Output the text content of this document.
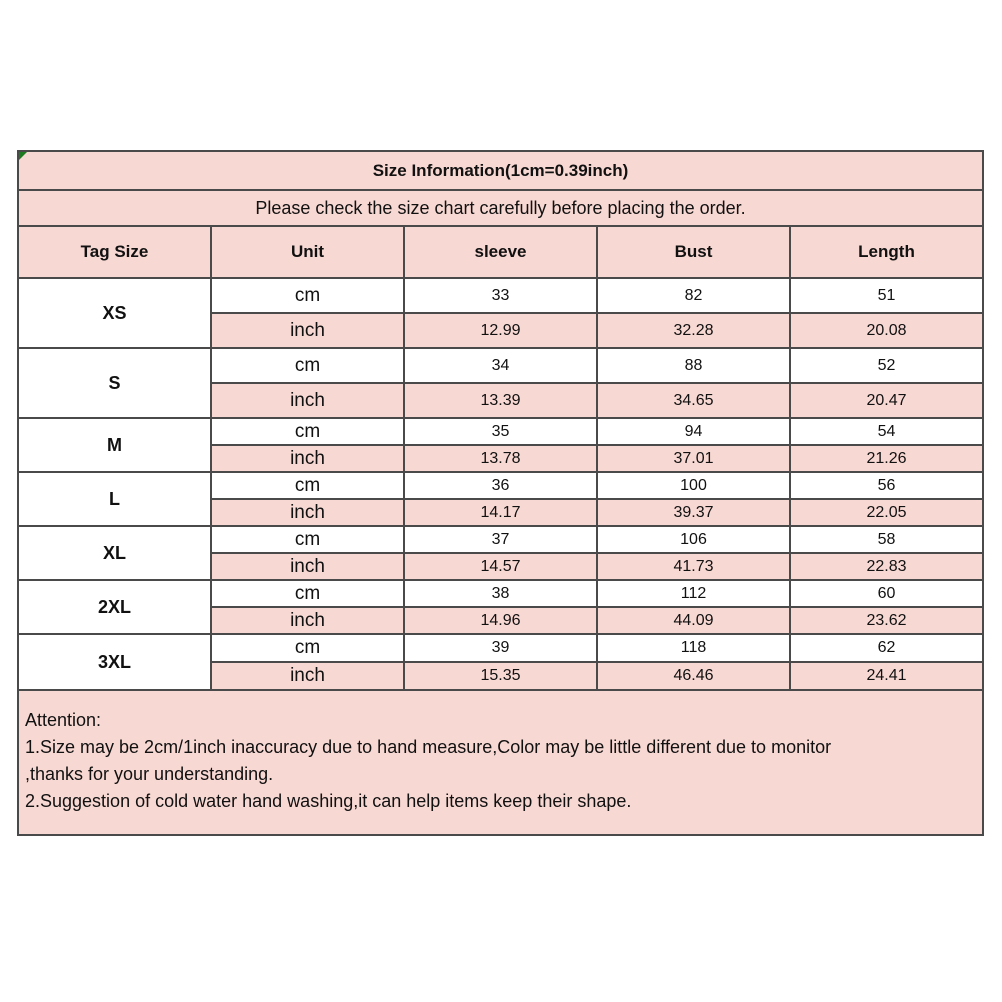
Size Information(1cm=0.39inch)				
Please check the size chart carefully before placing the order.				
Tag Size	Unit	sleeve	Bust	Length
XS	cm	33	82	51
	inch	12.99	32.28	20.08
S	cm	34	88	52
	inch	13.39	34.65	20.47
M	cm	35	94	54
	inch	13.78	37.01	21.26
L	cm	36	100	56
	inch	14.17	39.37	22.05
XL	cm	37	106	58
	inch	14.57	41.73	22.83
2XL	cm	38	112	60
	inch	14.96	44.09	23.62
3XL	cm	39	118	62
	inch	15.35	46.46	24.41

Attention:
1.Size may be 2cm/1inch inaccuracy due to hand measure,Color may be little different due to monitor
,thanks for your understanding.
2.Suggestion of cold water hand washing,it can help items keep their shape.				
